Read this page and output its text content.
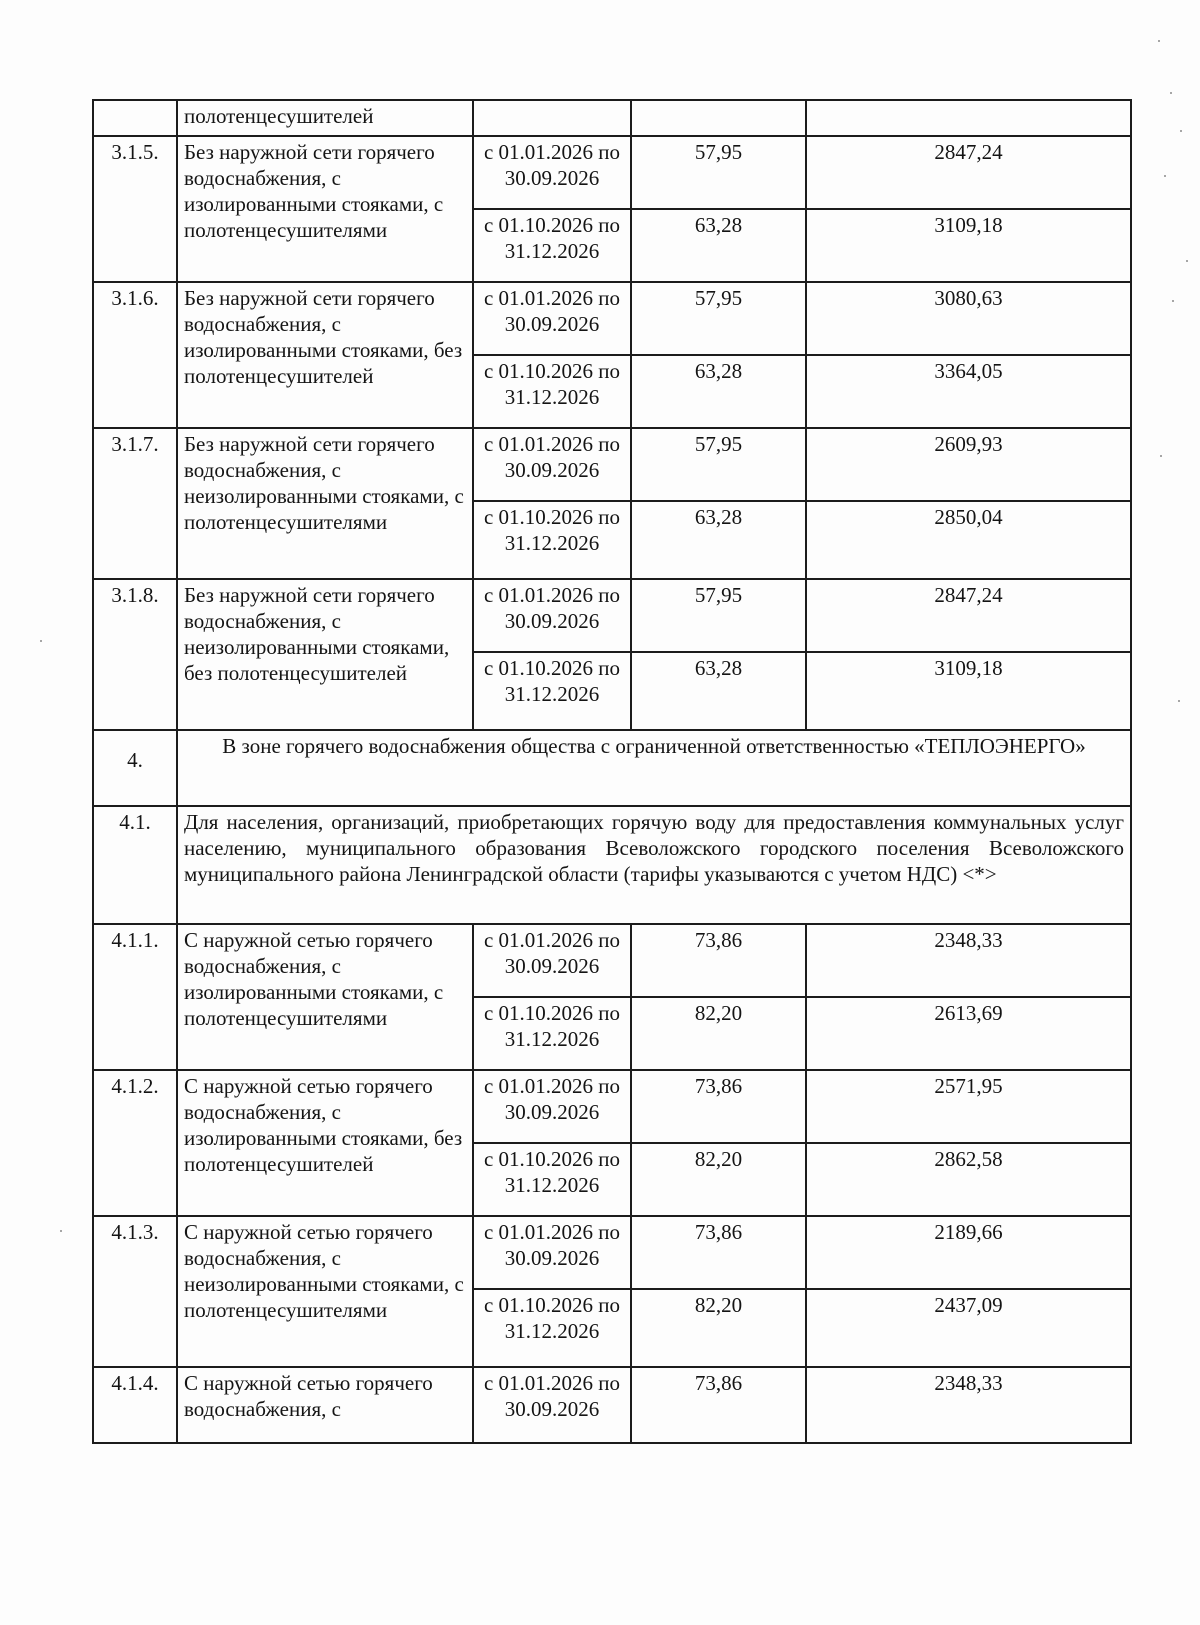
	полотенцесушителей			
3.1.5.	Без наружной сети горячего водоснабжения, с изолированными стояками, с полотенцесушителями	с 01.01.2026 по 30.09.2026	57,95	2847,24
		с 01.10.2026 по 31.12.2026	63,28	3109,18
3.1.6.	Без наружной сети горячего водоснабжения, с изолированными стояками, без полотенцесушителей	с 01.01.2026 по 30.09.2026	57,95	3080,63
		с 01.10.2026 по 31.12.2026	63,28	3364,05
3.1.7.	Без наружной сети горячего водоснабжения, с неизолированными стояками, с полотенцесушителями	с 01.01.2026 по 30.09.2026	57,95	2609,93
		с 01.10.2026 по 31.12.2026	63,28	2850,04
3.1.8.	Без наружной сети горячего водоснабжения, с неизолированными стояками, без полотенцесушителей	с 01.01.2026 по 30.09.2026	57,95	2847,24
		с 01.10.2026 по 31.12.2026	63,28	3109,18
4.	В зоне горячего водоснабжения общества с ограниченной ответственностью «ТЕПЛОЭНЕРГО»			
4.1.	Для населения, организаций, приобретающих горячую воду для предоставления коммунальных услуг населению, муниципального образования Всеволожского городского поселения Всеволожского муниципального района Ленинградской области (тарифы указываются с учетом НДС) <*>			
4.1.1.	С наружной сетью горячего водоснабжения, с изолированными стояками, с полотенцесушителями	с 01.01.2026 по 30.09.2026	73,86	2348,33
		с 01.10.2026 по 31.12.2026	82,20	2613,69
4.1.2.	С наружной сетью горячего водоснабжения, с изолированными стояками, без полотенцесушителей	с 01.01.2026 по 30.09.2026	73,86	2571,95
		с 01.10.2026 по 31.12.2026	82,20	2862,58
4.1.3.	С наружной сетью горячего водоснабжения, с неизолированными стояками, с полотенцесушителями	с 01.01.2026 по 30.09.2026	73,86	2189,66
		с 01.10.2026 по 31.12.2026	82,20	2437,09
4.1.4.	С наружной сетью горячего водоснабжения, с	с 01.01.2026 по 30.09.2026	73,86	2348,33
